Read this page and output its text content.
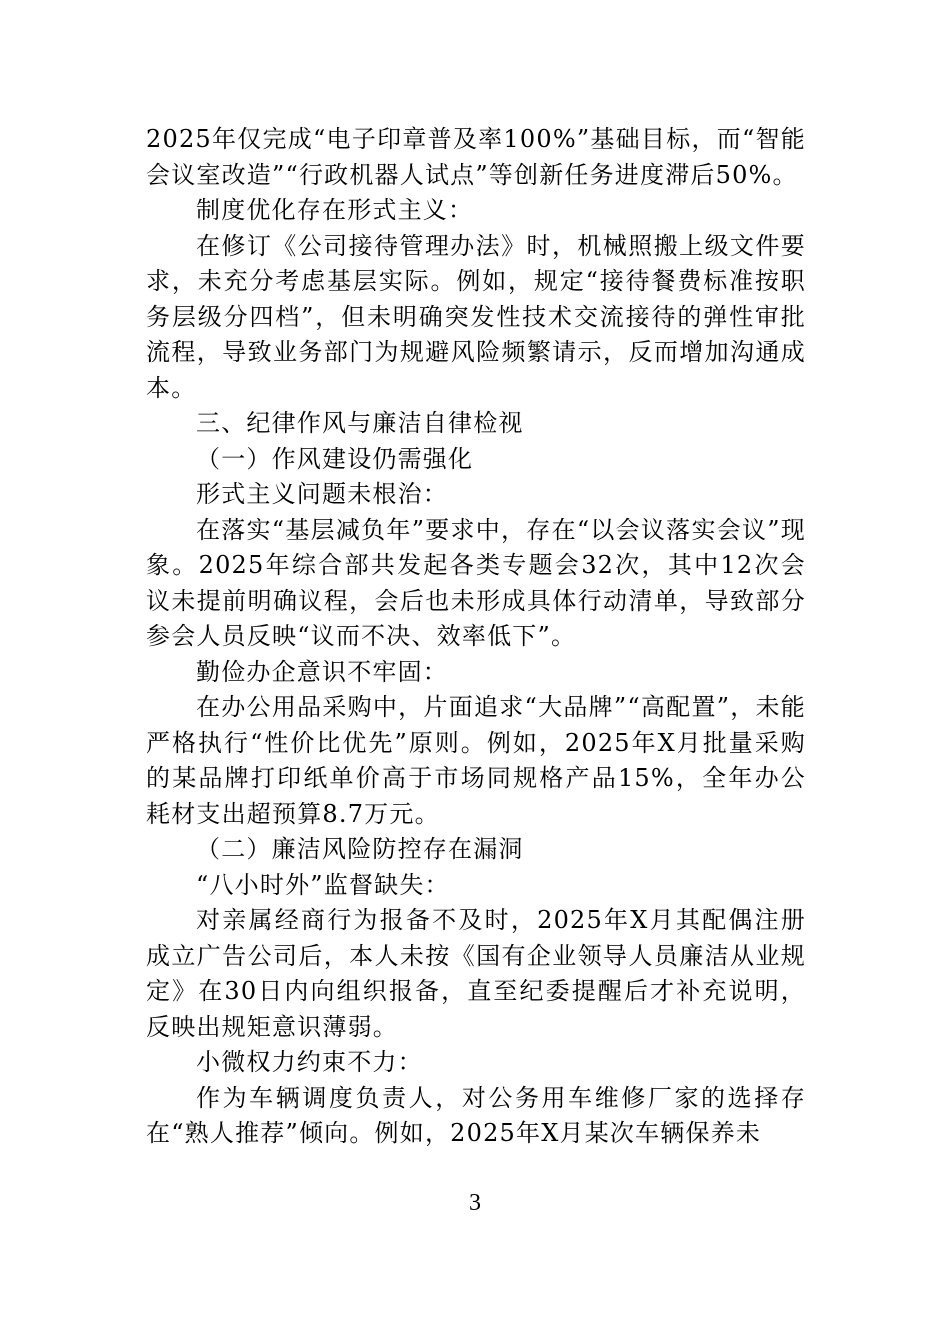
2025年仅完成“电子印章普及率100%”基础目标，而“智能会议室改造”“行政机器人试点”等创新任务进度滞后50%。

制度优化存在形式主义：

在修订《公司接待管理办法》时，机械照搬上级文件要求，未充分考虑基层实际。例如，规定“接待餐费标准按职务层级分四档”，但未明确突发性技术交流接待的弹性审批流程，导致业务部门为规避风险频繁请示，反而增加沟通成本。

三、纪律作风与廉洁自律检视

（一）作风建设仍需强化

形式主义问题未根治：

在落实“基层减负年”要求中，存在“以会议落实会议”现象。2025年综合部共发起各类专题会32次，其中12次会议未提前明确议程，会后也未形成具体行动清单，导致部分参会人员反映“议而不决、效率低下”。

勤俭办企意识不牢固：

在办公用品采购中，片面追求“大品牌”“高配置”，未能严格执行“性价比优先”原则。例如，2025年X月批量采购的某品牌打印纸单价高于市场同规格产品15%，全年办公耗材支出超预算8.7万元。

（二）廉洁风险防控存在漏洞

“八小时外”监督缺失：

对亲属经商行为报备不及时，2025年X月其配偶注册成立广告公司后，本人未按《国有企业领导人员廉洁从业规定》在30日内向组织报备，直至纪委提醒后才补充说明，反映出规矩意识薄弱。

小微权力约束不力：

作为车辆调度负责人，对公务用车维修厂家的选择存在“熟人推荐”倾向。例如，2025年X月某次车辆保养未

3
